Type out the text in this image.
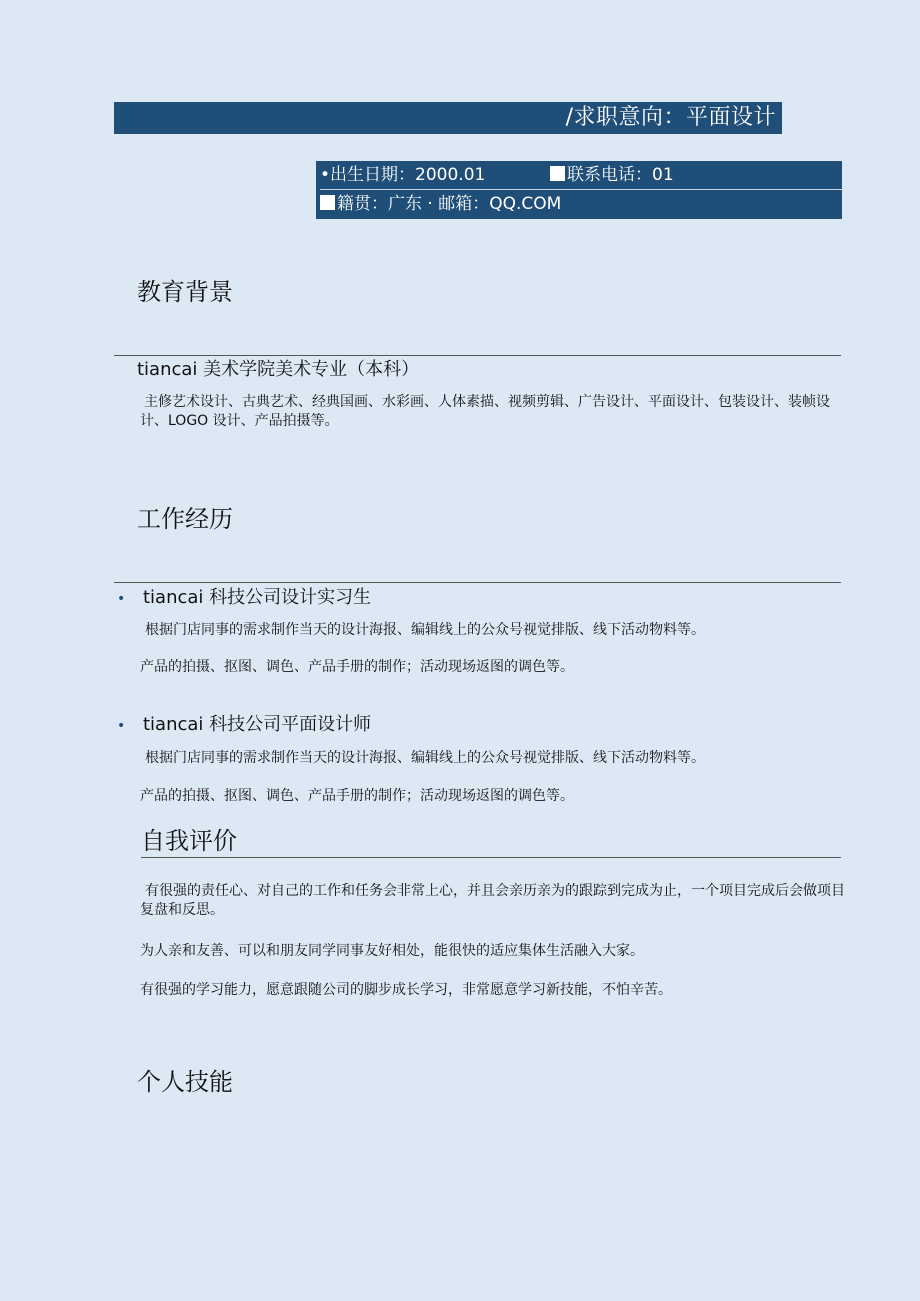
/求职意向：平面设计
•出生日期：2000.01	联系电话：01
籍贯：广东 · 邮箱：QQ.COM
教育背景
tiancai 美术学院美术专业（本科）
主修艺术设计、古典艺术、经典国画、水彩画、人体素描、视频剪辑、广告设计、平面设计、包装设计、装帧设计、LOGO 设计、产品拍摄等。
工作经历
• tiancai 科技公司设计实习生
根据门店同事的需求制作当天的设计海报、编辑线上的公众号视觉排版、线下活动物料等。
产品的拍摄、抠图、调色、产品手册的制作；活动现场返图的调色等。
• tiancai 科技公司平面设计师
根据门店同事的需求制作当天的设计海报、编辑线上的公众号视觉排版、线下活动物料等。
产品的拍摄、抠图、调色、产品手册的制作；活动现场返图的调色等。
自我评价
有很强的责任心、对自己的工作和任务会非常上心，并且会亲历亲为的跟踪到完成为止，一个项目完成后会做项目复盘和反思。
为人亲和友善、可以和朋友同学同事友好相处，能很快的适应集体生活融入大家。
有很强的学习能力，愿意跟随公司的脚步成长学习，非常愿意学习新技能，不怕辛苦。
个人技能
